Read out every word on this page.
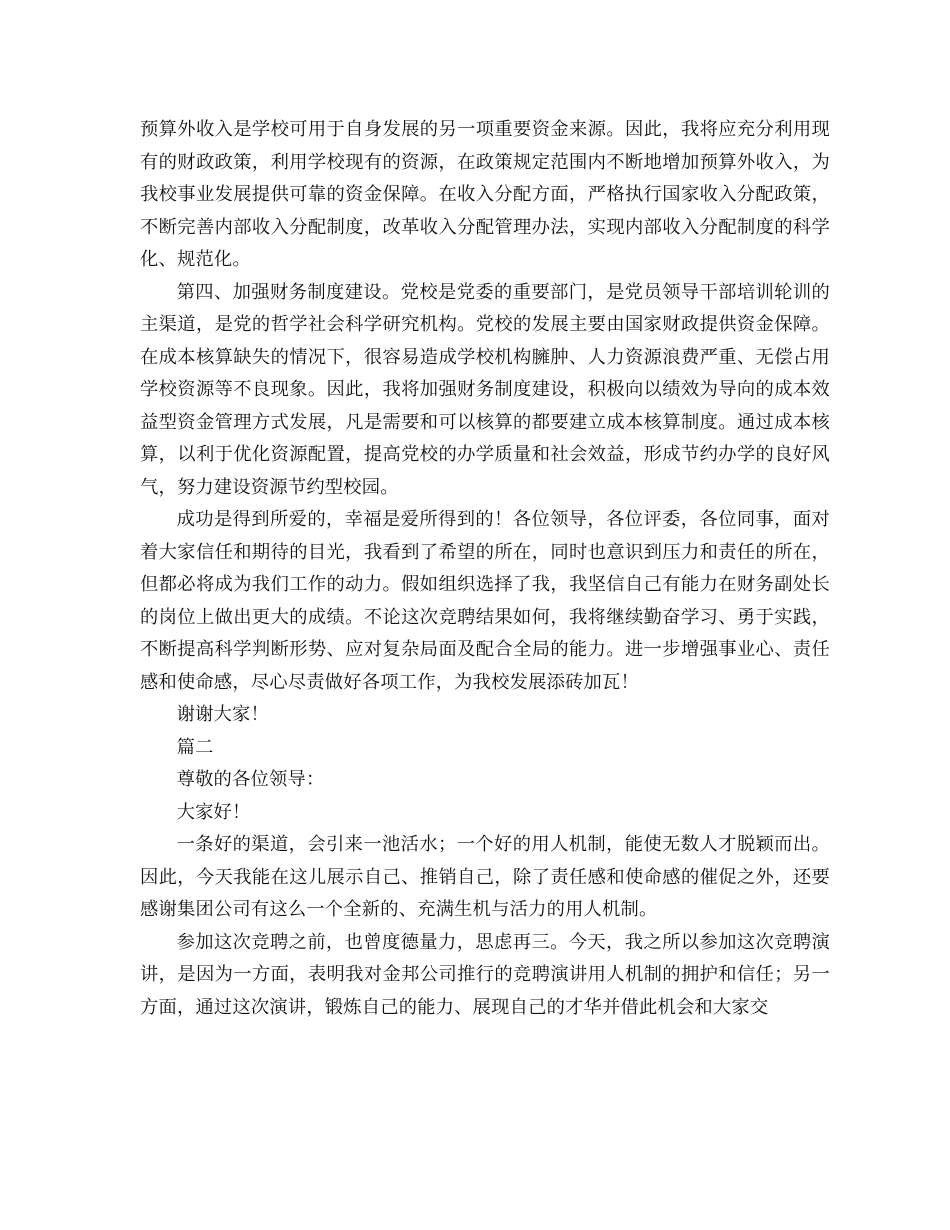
预算外收入是学校可用于自身发展的另一项重要资金来源。因此，我将应充分利用现有的财政政策，利用学校现有的资源，在政策规定范围内不断地增加预算外收入，为我校事业发展提供可靠的资金保障。在收入分配方面，严格执行国家收入分配政策，不断完善内部收入分配制度，改革收入分配管理办法，实现内部收入分配制度的科学化、规范化。

第四、加强财务制度建设。党校是党委的重要部门，是党员领导干部培训轮训的主渠道，是党的哲学社会科学研究机构。党校的发展主要由国家财政提供资金保障。在成本核算缺失的情况下，很容易造成学校机构臃肿、人力资源浪费严重、无偿占用学校资源等不良现象。因此，我将加强财务制度建设，积极向以绩效为导向的成本效益型资金管理方式发展，凡是需要和可以核算的都要建立成本核算制度。通过成本核算，以利于优化资源配置，提高党校的办学质量和社会效益，形成节约办学的良好风气，努力建设资源节约型校园。

成功是得到所爱的，幸福是爱所得到的！各位领导，各位评委，各位同事，面对着大家信任和期待的目光，我看到了希望的所在，同时也意识到压力和责任的所在，但都必将成为我们工作的动力。假如组织选择了我，我坚信自己有能力在财务副处长的岗位上做出更大的成绩。不论这次竞聘结果如何，我将继续勤奋学习、勇于实践，不断提高科学判断形势、应对复杂局面及配合全局的能力。进一步增强事业心、责任感和使命感，尽心尽责做好各项工作，为我校发展添砖加瓦！

谢谢大家！

篇二

尊敬的各位领导：

大家好！

一条好的渠道，会引来一池活水；一个好的用人机制，能使无数人才脱颖而出。因此，今天我能在这儿展示自己、推销自己，除了责任感和使命感的催促之外，还要感谢集团公司有这么一个全新的、充满生机与活力的用人机制。

参加这次竞聘之前，也曾度德量力，思虑再三。今天，我之所以参加这次竞聘演讲，是因为一方面，表明我对金邦公司推行的竞聘演讲用人机制的拥护和信任；另一方面，通过这次演讲，锻炼自己的能力、展现自己的才华并借此机会和大家交
